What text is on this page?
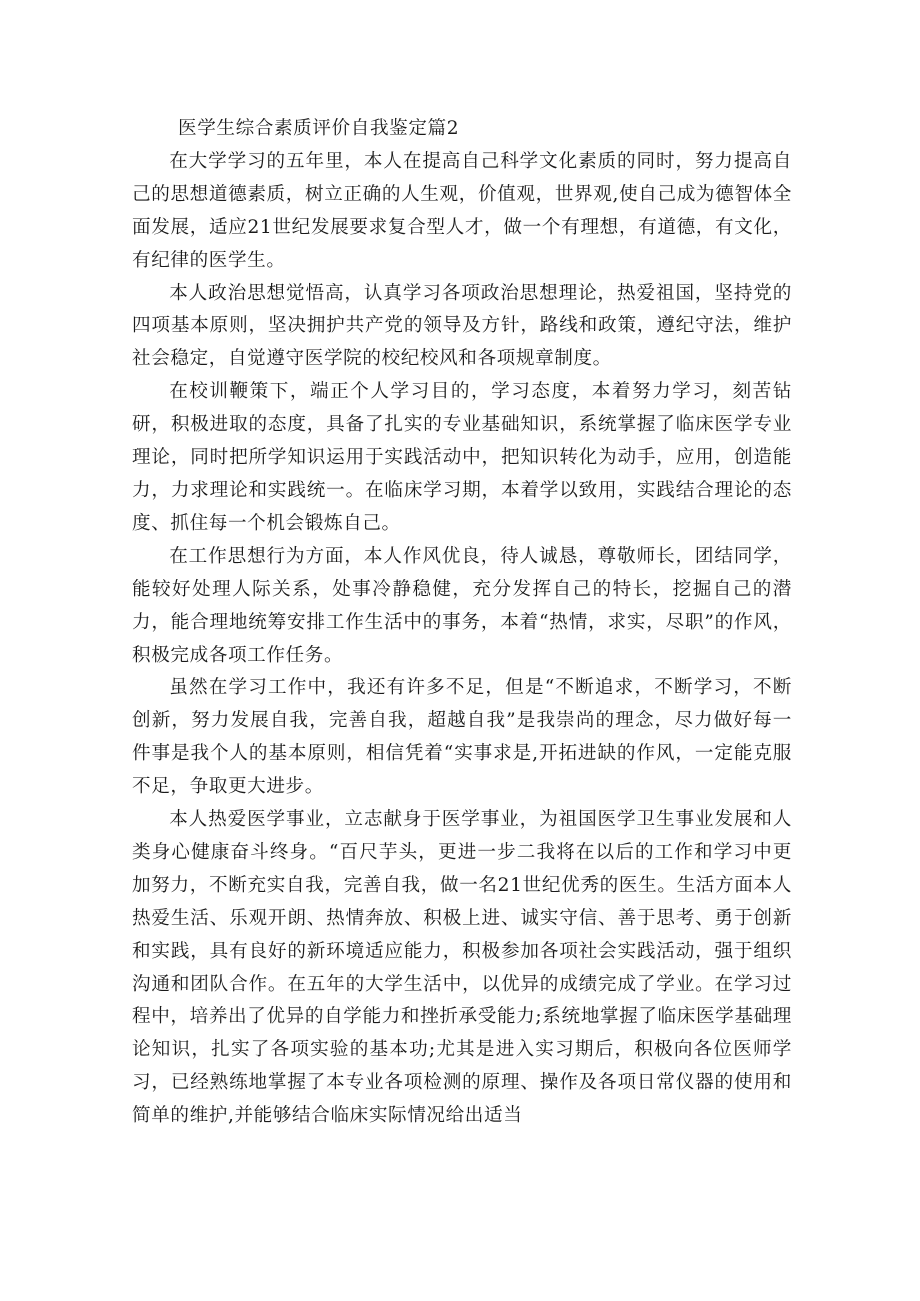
医学生综合素质评价自我鉴定篇2

在大学学习的五年里，本人在提高自己科学文化素质的同时，努力提高自己的思想道德素质，树立正确的人生观，价值观，世界观,使自己成为德智体全面发展，适应21世纪发展要求复合型人才，做一个有理想，有道德，有文化，有纪律的医学生。

本人政治思想觉悟高，认真学习各项政治思想理论，热爱祖国，坚持党的四项基本原则，坚决拥护共产党的领导及方针，路线和政策，遵纪守法，维护社会稳定，自觉遵守医学院的校纪校风和各项规章制度。

在校训鞭策下，端正个人学习目的，学习态度，本着努力学习，刻苦钻研，积极进取的态度，具备了扎实的专业基础知识，系统掌握了临床医学专业理论，同时把所学知识运用于实践活动中，把知识转化为动手，应用，创造能力，力求理论和实践统一。在临床学习期，本着学以致用，实践结合理论的态度、抓住每一个机会锻炼自己。

在工作思想行为方面，本人作风优良，待人诚恳，尊敬师长，团结同学，能较好处理人际关系，处事冷静稳健，充分发挥自己的特长，挖掘自己的潜力，能合理地统筹安排工作生活中的事务，本着“热情，求实，尽职”的作风，积极完成各项工作任务。

虽然在学习工作中，我还有许多不足，但是“不断追求，不断学习，不断创新，努力发展自我，完善自我，超越自我”是我崇尚的理念，尽力做好每一件事是我个人的基本原则，相信凭着“实事求是,开拓进缺的作风，一定能克服不足，争取更大进步。

本人热爱医学事业，立志献身于医学事业，为祖国医学卫生事业发展和人类身心健康奋斗终身。“百尺芋头，更进一步二我将在以后的工作和学习中更加努力，不断充实自我，完善自我，做一名21世纪优秀的医生。生活方面本人热爱生活、乐观开朗、热情奔放、积极上进、诚实守信、善于思考、勇于创新和实践，具有良好的新环境适应能力，积极参加各项社会实践活动，强于组织沟通和团队合作。在五年的大学生活中，以优异的成绩完成了学业。在学习过程中，培养出了优异的自学能力和挫折承受能力;系统地掌握了临床医学基础理论知识，扎实了各项实验的基本功;尤其是进入实习期后，积极向各位医师学习，已经熟练地掌握了本专业各项检测的原理、操作及各项日常仪器的使用和简单的维护,并能够结合临床实际情况给出适当
